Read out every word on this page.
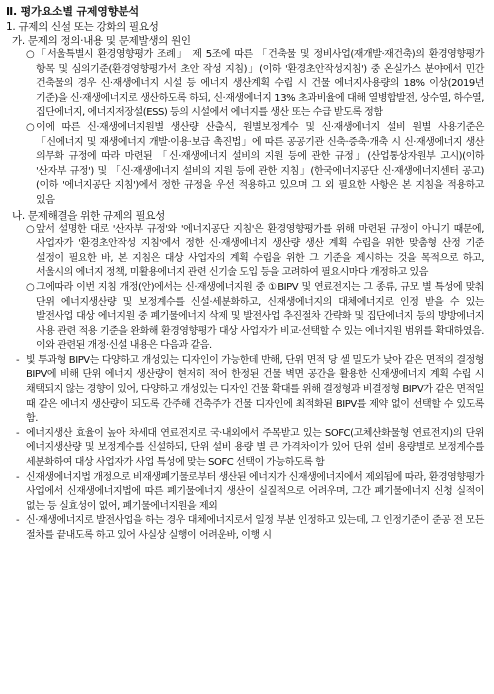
Ⅱ. 평가요소별 규제영향분석
1. 규제의 신설 또는 강화의 필요성
가. 문제의 정의·내용 및 문제발생의 원인

○ 「서울특별시 환경영향평가 조례」 제 5조에 따른 「건축물 및 정비사업(재개발·재건축)의 환경영향평가 항목 및 심의기준(환경영향평가서 초안 작성 지침)」(이하 '환경초안작성지침') 중 온실가스 분야에서 민간 건축물의 경우 신·재생에너지 시설 등 에너지 생산계획 수립 시 건물 에너지사용량의 18% 이상(2019년 기준)을 신·재생에너지로 생산하도록 하되, 신·재생에너지 13% 초과비율에 대해 열병합발전, 상수열, 하수열, 집단에너지, 에너지저장설(ESS) 등의 시설에서 에너지를 생산 또는 수급 받도록 정함

○ 이에 따른 신·재생에너지원별 생산량 산출식, 원별보정계수 및 신·재생에너지 설비 원별 사용기준은 「신에너지 및 재생에너지 개발·이용·보급 촉진법」에 따른 공공기관 신축·증축·개축 시 신·재생에너지 생산 의무화 규정에 따라 마련된 「신·재생에너지 설비의 지원 등에 관한 규정」(산업통상자원부 고시)(이하 '산자부 규정') 및 「신·재생에너지 설비의 지원 등에 관한 지침」(한국에너지공단 신·재생에너지센터 공고)(이하 '에너지공단 지침')에서 정한 규정을 우선 적용하고 있으며 그 외 필요한 사항은 본 지침을 적용하고 있음

나. 문제해결을 위한 규제의 필요성

○ 앞서 설명한 대로 '산자부 규정'와 '에너지공단 지침'은 환경영향평가를 위해 마련된 규정이 아니기 때문에, 사업자가 '환경초안작성 지침'에서 정한 신·재생에너지 생산량 생산 계획 수립을 위한 맞춤형 산정 기준 설정이 필요한 바, 본 지침은 대상 사업자의 계획 수립을 위한 그 기준을 제시하는 것을 목적으로 하고, 서울시의 에너지 정책, 미활용에너지 관련 신기술 도입 등을 고려하여 필요시마다 개정하고 있음

○ 그에따라 이번 지침 개정(안)에서는 신·재생에너지원 중 ①BIPV 및 연료전지는 그 종류, 규모 별 특성에 맞춰 단위 에너지생산량 및 보정계수를 신설·세분화하고, 신재생에너지의 대체에너지로 인정 받을 수 있는 발전사업 대상 에너지원 중 폐기물에너지 삭제 및 발전사업 추진절차 간략화 및 집단에너지 등의 방방에너지 사용 관련 적용 기준을 완화해 환경영향평가 대상 사업자가 비교·선택할 수 있는 에너지원 범위를 확대하였음. 이와 관련된 개정·신설 내용은 다음과 같음.

- 빛 투과형 BIPV는 다양하고 개성있는 디자인이 가능한데 반해, 단위 면적 당 셀 밀도가 낮아 같은 면적의 결정형 BIPV에 비해 단위 에너지 생산량이 현저히 적어 한정된 건물 벽면 공간을 활용한 신재생에너지 계획 수립 시 채택되지 않는 경향이 있어, 다양하고 개성있는 디자인 건물 확대를 위해 결정형과 비결정형 BIPV가 같은 면적일 때 같은 에너지 생산량이 되도록 간주해 건축주가 건물 디자인에 최적화된 BIPV를 제약 없이 선택할 수 있도록 함.

- 에너지생산 효율이 높아 차세대 연료전지로 국·내외에서 주목받고 있는 SOFC(고체산화물형 연료전지)의 단위 에너지생산량 및 보정계수를 신설하되, 단위 설비 용량 별 큰 가격차이가 있어 단위 설비 용량별로 보정계수를 세분화하여 대상 사업자가 사업 특성에 맞는 SOFC 선택이 가능하도록 함

- 신재생에너지법 개정으로 비재생폐기물로부터 생산된 에너지가 신재생에너지에서 제외됨에 따라, 환경영향평가 사업에서 신재생에너지법에 따른 폐기물에너지 생산이 실질적으로 어려우며, 그간 폐기물에너지 신청 실적이 없는 등 실효성이 없어, 폐기물에너지원을 제외

- 신·재생에너지로 발전사업을 하는 경우 대체에너지로서 일정 부분 인정하고 있는데, 그 인정기준이 준공 전 모든 절차를 끝내도록 하고 있어 사실상 실행이 어려운바, 이행 시
